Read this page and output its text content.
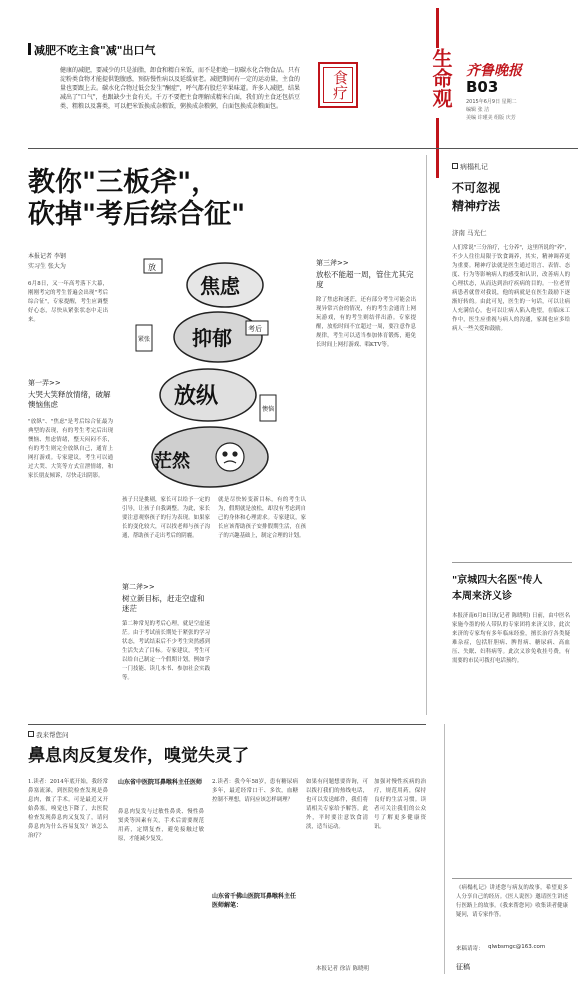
食疗	生命观 齐鲁晚报
B03
2015年6月9日 星期二
编辑 张 洁
美编 许瑾美 组版 庆芳
减肥不吃主食"减"出口气
健康的减肥，要减少的只是油脂，卸食和精白米饭，而不是拒绝一切碳水化合物食品。只有淀粉类食物才能提供饱腹感，预防慢性病以及延缓衰老。减肥期间有一定的运动量，主食的量也要跟上去。碳水化合物过低会发生"酮症"，呼气都有股烂苹果味道。许多人减肥，结果减出了"口气"，也跟缺少主食有关。千万不要把主食理解成精米白面，我们的主食还包括豆类、粗粮以及薯类，可以把米饭换成杂粮饭，粥换成杂粮粥，白面包换成杂粮面包。
教你"三板斧"，
砍掉"考后综合征"
本报记者 李钢
实习生 张大为
6月8日，又一年高考落下大幕，刚刚考完的考生普遍会出现"考后综合征"，专家提醒，考生应调整好心态，尽快从紧张状态中走出来。
焦虑
抑郁
放纵
茫然
放
考后
紧张
懊恼
第一弄>>
大哭大笑释放情绪，破解懊恼焦虑
"放纵"、"焦虑"是考后综合征最为典型的表现，有的考生考完后出现懊恼、焦虑情绪，整天闷闷不乐，有的考生则完全放纵自己，通宵上网打游戏。专家建议，考生可以通过大哭、大笑等方式宣泄情绪，和家长朋友倾诉，尽快走出阴影。
孩子只是挑剔，家长可以给予一定的引导，让孩子自我调整。为此，家长要注意观察孩子的行为表现。如果家长的变化较大，可以找老师与孩子沟通，帮助孩子走出考后的阴霾。
第二斧>>
树立新目标，赶走空虚和迷茫
第二种常见的考后心理，就是空虚迷茫。由于考试前长期处于紧张的学习状态，考试结束后不少考生突然感到生活失去了目标。专家建议，考生可以给自己制定一个假期计划，例如学一门技能、读几本书、参加社会实践等。
就是尽快转变新目标，有的考生认为，假期就是放松，却没有考虑到自己的身体和心理需求。专家建议，家长应该帮助孩子安排假期生活，在孩子的兴趣基础上，制定合理的计划。
第三斧>>
放松不能超一周，管住尤其完度
除了焦虑和迷茫，还有部分考生可能会出现异常兴奋的情况，有的考生会通宵上网玩游戏，有的考生则结伴出游。专家提醒，放松时间不宜超过一周，要注意作息规律，考生可以适当参加体育锻炼，避免长时间上网打游戏、唱KTV等。
病榻札记
不可忽视
精神疗法
济南 马光仁
人们常说"三分治疗，七分养"，这里所说的"养"，不少人往往局限于饮食调养，其实，精神调养更为重要。精神疗法就是医生通过语言、表情、态度、行为等影响病人的感受和认识，改善病人的心理状态，从而达到治疗疾病的目的。一位老胃病患者就曾对我说，他的病就是在医生鼓励下逐渐好转的。由此可见，医生的一句话，可以让病人充满信心，也可以让病人陷入绝望，在临床工作中，医生应重视与病人的沟通，家属也应多给病人一些关爱和鼓励。
"京城四大名医"传人
本周来济义诊
本报济南6月8日讯(记者 陈晓明) 日前，由中医名家施今墨的传人带队的专家团将来济义诊，此次来济的专家均有多年临床经验，擅长治疗各类疑难杂症，包括肝胆病、脾胃病、糖尿病、高血压、失眠、妇科病等。此次义诊免收挂号费，有需要的市民可拨打电话预约。
《病榻札记》讲述您与病友的故事，希望更多人分享自己的经历。《医人说医》邀请医生讲述行医路上的故事。《我来帮您问》收集读者健康疑问，请专家作答。
来稿请寄： qlwbsmgc@163.com
征稿
我来帮您问
鼻息肉反复发作，嗅觉失灵了
1.读者：2014年底开始，我经常鼻塞流涕，到医院检查发现是鼻息肉，做了手术。可是最近又开始鼻塞，嗅觉也下降了，去医院检查发现鼻息肉又复发了，请问鼻息肉为什么容易复发？该怎么治疗？
山东省中医院耳鼻喉科主任医师
鼻息肉复发与过敏性鼻炎、慢性鼻窦炎等因素有关，手术后需要规范用药，定期复查，避免接触过敏原，才能减少复发。
2.读者：我今年58岁，患有糖尿病多年，最近经常口干、多饮，血糖控制不理想，请问应该怎样调理？
山东省千佛山医院耳鼻喉科主任医师解笔：
如果有问题想要咨询，可以拨打我们的热线电话，也可以发送邮件，我们将请相关专家给予解答。此外，平时要注意饮食清淡，适当运动。
加强对慢性疾病的治疗，规范用药，保持良好的生活习惯。读者可关注我们的公众号了解更多健康资讯。
本报记者 徐洁 陈晓明
